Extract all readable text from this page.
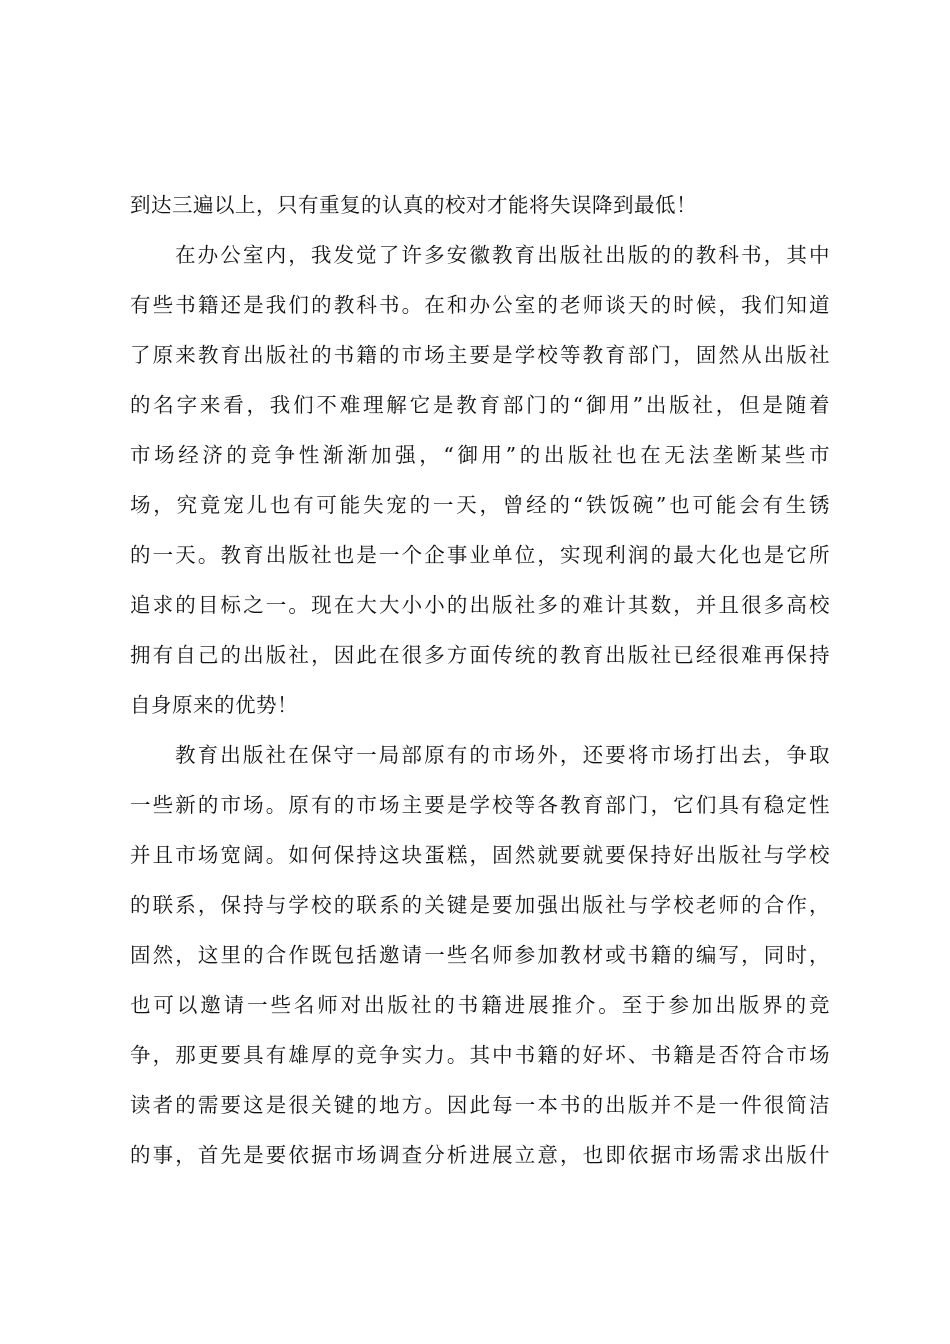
到达三遍以上，只有重复的认真的校对才能将失误降到最低！
在办公室内，我发觉了许多安徽教育出版社出版的的教科书，其中
有些书籍还是我们的教科书。在和办公室的老师谈天的时候，我们知道
了原来教育出版社的书籍的市场主要是学校等教育部门，固然从出版社
的名字来看，我们不难理解它是教育部门的“御用”出版社，但是随着
市场经济的竞争性渐渐加强，“御用”的出版社也在无法垄断某些市
场，究竟宠儿也有可能失宠的一天，曾经的“铁饭碗”也可能会有生锈
的一天。教育出版社也是一个企事业单位，实现利润的最大化也是它所
追求的目标之一。现在大大小小的出版社多的难计其数，并且很多高校
拥有自己的出版社，因此在很多方面传统的教育出版社已经很难再保持
自身原来的优势！
教育出版社在保守一局部原有的市场外，还要将市场打出去，争取
一些新的市场。原有的市场主要是学校等各教育部门，它们具有稳定性
并且市场宽阔。如何保持这块蛋糕，固然就要就要保持好出版社与学校
的联系，保持与学校的联系的关键是要加强出版社与学校老师的合作，
固然，这里的合作既包括邀请一些名师参加教材或书籍的编写，同时，
也可以邀请一些名师对出版社的书籍进展推介。至于参加出版界的竞
争，那更要具有雄厚的竞争实力。其中书籍的好坏、书籍是否符合市场
读者的需要这是很关键的地方。因此每一本书的出版并不是一件很简洁
的事，首先是要依据市场调查分析进展立意，也即依据市场需求出版什
